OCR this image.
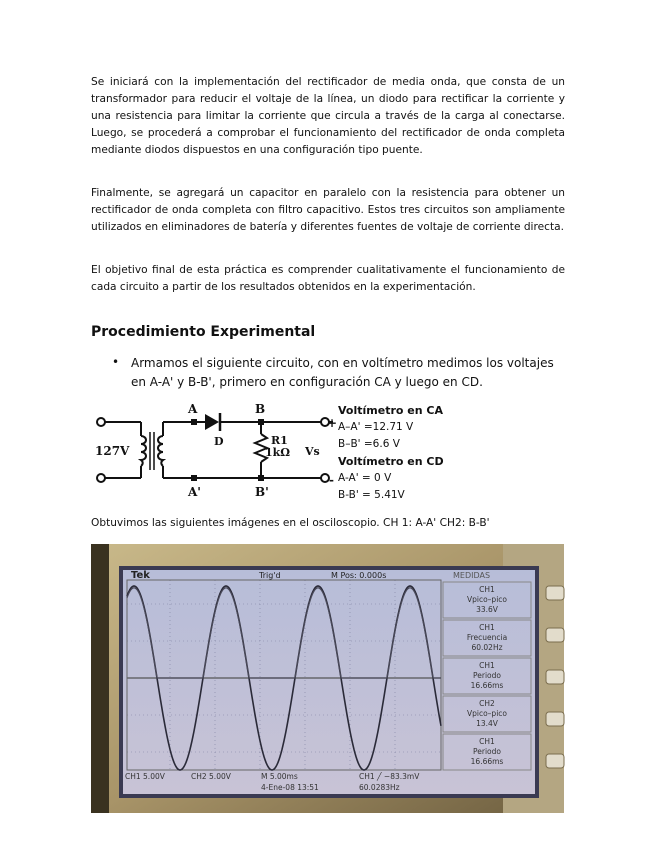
Se iniciará con la implementación del rectificador de media onda, que consta de un transformador para reducir el voltaje de la línea, un diodo para rectificar la corriente y una resistencia para limitar la corriente que circula a través de la carga al conectarse. Luego, se procederá a comprobar el funcionamiento del rectificador de onda completa mediante diodos dispuestos en una configuración tipo puente.

Finalmente, se agregará un capacitor en paralelo con la resistencia para obtener un rectificador de onda completa con filtro capacitivo. Estos tres circuitos son ampliamente utilizados en eliminadores de batería y diferentes fuentes de voltaje de corriente directa.

El objetivo final de esta práctica es comprender cualitativamente el funcionamiento de cada circuito a partir de los resultados obtenidos en la experimentación.

Procedimiento Experimental
• Armamos el siguiente circuito, con en voltímetro medimos los voltajes en A-A' y B-B', primero en configuración CA y luego en CD.

A
A'
B
B'
D	R1
1kΩ Vs
127V
+
-
Voltímetro en CA
A–A' =12.71 V
B–B' =6.6 V
Voltímetro en CD
A-A' = 0 V
B-B' = 5.41V

Obtuvimos las siguientes imágenes en el osciloscopio. CH 1: A-A' CH2: B-B'

Tek	Trig'd	M Pos: 0.000s	MEDIDAS
CH1
Vpico–pico
33.6V
CH1
Frecuencia
60.02Hz
CH1
Periodo
16.66ms
CH2
Vpico–pico
13.4V
CH1
Periodo
16.66ms
CH1 5.00V	CH2 5.00V	M 5.00ms
4-Ene-08 13:51
CH1 ╱ −83.3mV
60.0283Hz
